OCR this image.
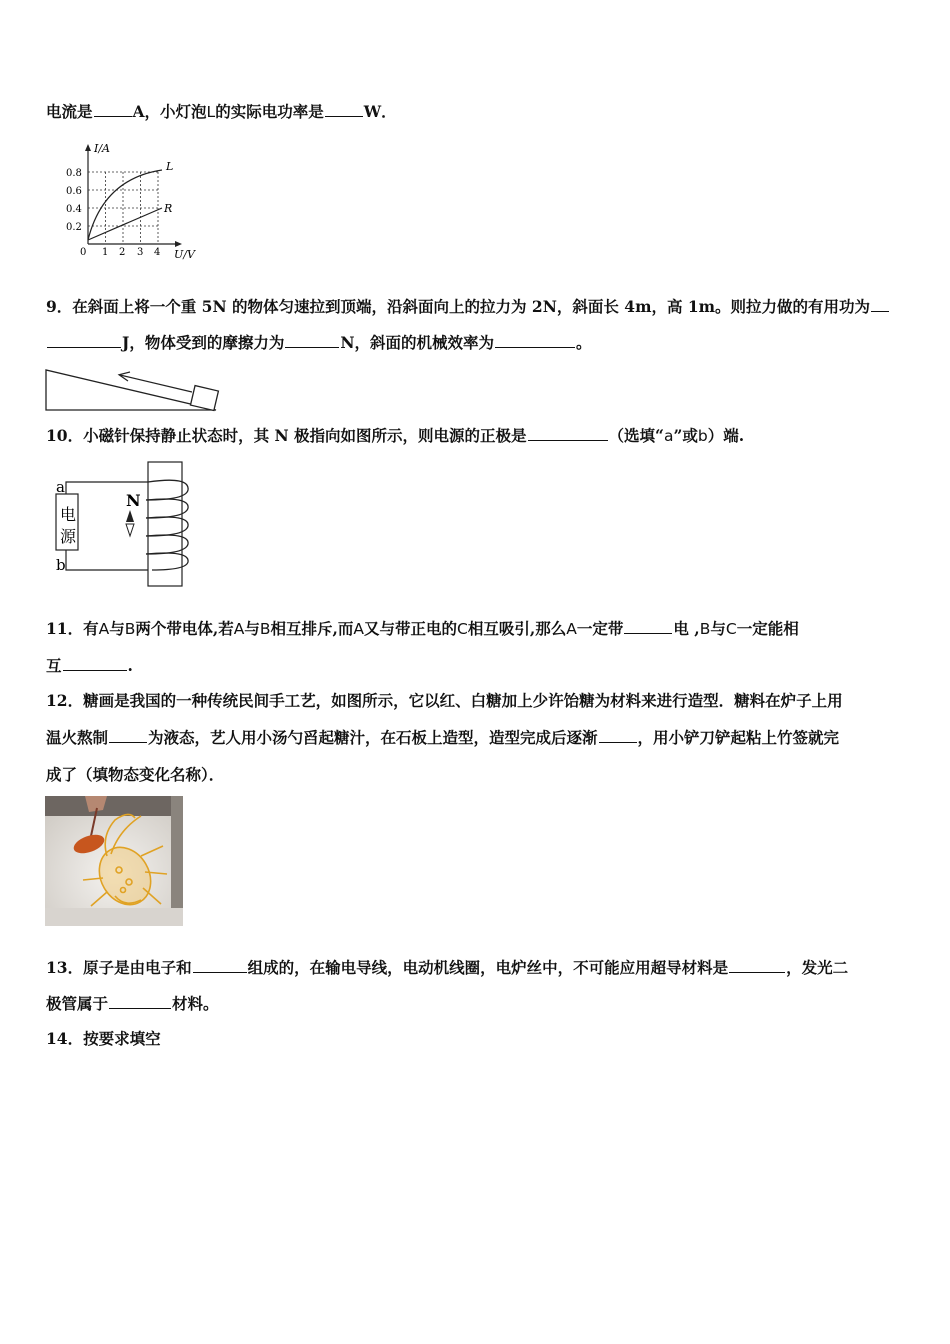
电流是	A，小灯泡L的实际电功率是	W．
I/A
L
R
0.8
0.6
0.4
0.2
0 1 2 3 4 U/V
9．在斜面上将一个重 5N 的物体匀速拉到顶端，沿斜面向上的拉力为 2N，斜面长 4m，高 1m。则拉力做的有用功为
J，物体受到的摩擦力为	N，斜面的机械效率为	。
10．小磁针保持静止状态时，其 N 极指向如图所示，则电源的正极是	（选填“a”或b）端.
电
源
a
b
N
11．有A与B两个带电体,若A与B相互排斥,而A又与带正电的C相互吸引,那么A一定带	电 ,B与C一定能相
互	.
12．糖画是我国的一种传统民间手工艺，如图所示，它以红、白糖加上少许饴糖为材料来进行造型．糖料在炉子上用
温火熬制	为液态，艺人用小汤勺舀起糖汁，在石板上造型，造型完成后逐渐	，用小铲刀铲起粘上竹签就完
成了（填物态变化名称）．
13．原子是由电子和	组成的，在输电导线，电动机线圈，电炉丝中，不可能应用超导材料是	，发光二
极管属于	材料。
14．按要求填空
